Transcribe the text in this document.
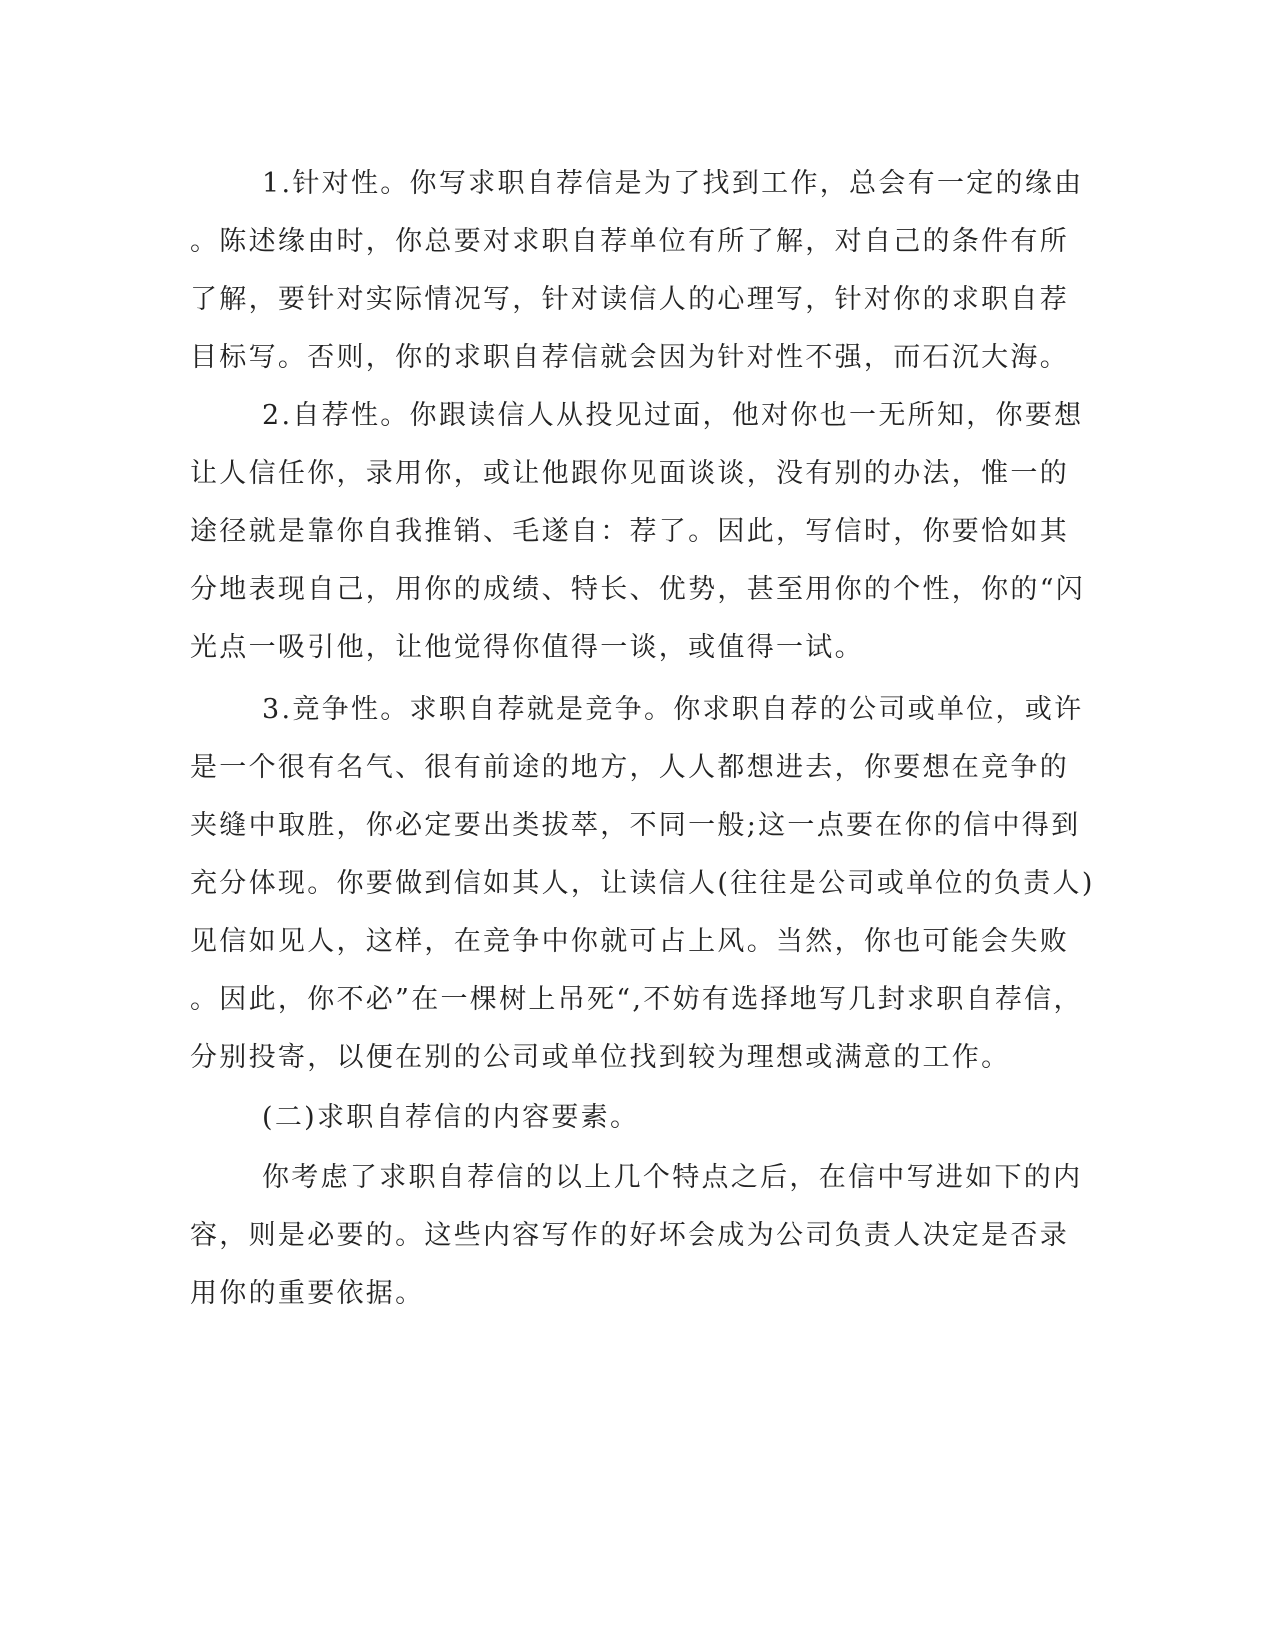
1.针对性。你写求职自荐信是为了找到工作，总会有一定的缘由
。陈述缘由时，你总要对求职自荐单位有所了解，对自己的条件有所
了解，要针对实际情况写，针对读信人的心理写，针对你的求职自荐
目标写。否则，你的求职自荐信就会因为针对性不强，而石沉大海。
2.自荐性。你跟读信人从投见过面，他对你也一无所知，你要想
让人信任你，录用你，或让他跟你见面谈谈，没有别的办法，惟一的
途径就是靠你自我推销、毛遂自：荐了。因此，写信时，你要恰如其
分地表现自己，用你的成绩、特长、优势，甚至用你的个性，你的“闪
光点一吸引他，让他觉得你值得一谈，或值得一试。
3.竞争性。求职自荐就是竞争。你求职自荐的公司或单位，或许
是一个很有名气、很有前途的地方，人人都想进去，你要想在竞争的
夹缝中取胜，你必定要出类拔萃，不同一般;这一点要在你的信中得到
充分体现。你要做到信如其人，让读信人(往往是公司或单位的负责人)
见信如见人，这样，在竞争中你就可占上风。当然，你也可能会失败
。因此，你不必”在一棵树上吊死“,不妨有选择地写几封求职自荐信，
分别投寄，以便在别的公司或单位找到较为理想或满意的工作。
(二)求职自荐信的内容要素。
你考虑了求职自荐信的以上几个特点之后，在信中写进如下的内
容，则是必要的。这些内容写作的好坏会成为公司负责人决定是否录
用你的重要依据。
